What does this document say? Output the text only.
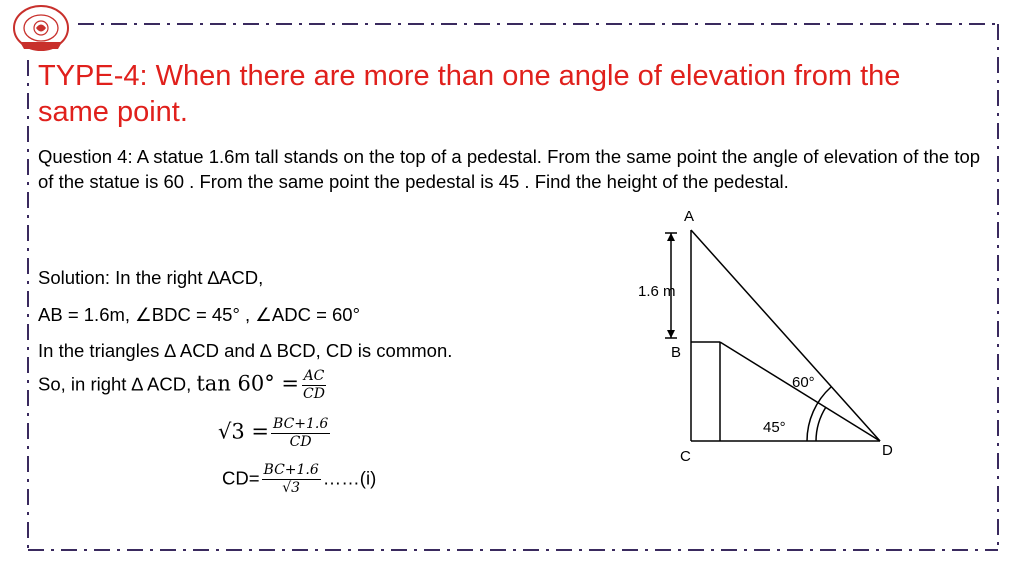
TYPE-4: When there are more than one angle of elevation from the same point.
Question 4: A statue 1.6m tall stands on the top of a pedestal. From the same point the angle of elevation of the top of the statue is 60 . From the same point the pedestal is 45 . Find the height of the pedestal.
Solution: In the right ∆ACD,
AB = 1.6m, ∠BDC = 45° , ∠ADC = 60°
In the triangles ∆ ACD and ∆ BCD, CD is common.
So, in right ∆ ACD, $\tan 60^\circ = \frac{AC}{CD}$
$√3 = \frac{BC+1.6}{CD}$
$CD= \frac{BC+1.6}{√3}$ ……(i)
A
B
C	D
1.6 m
60°
45°
